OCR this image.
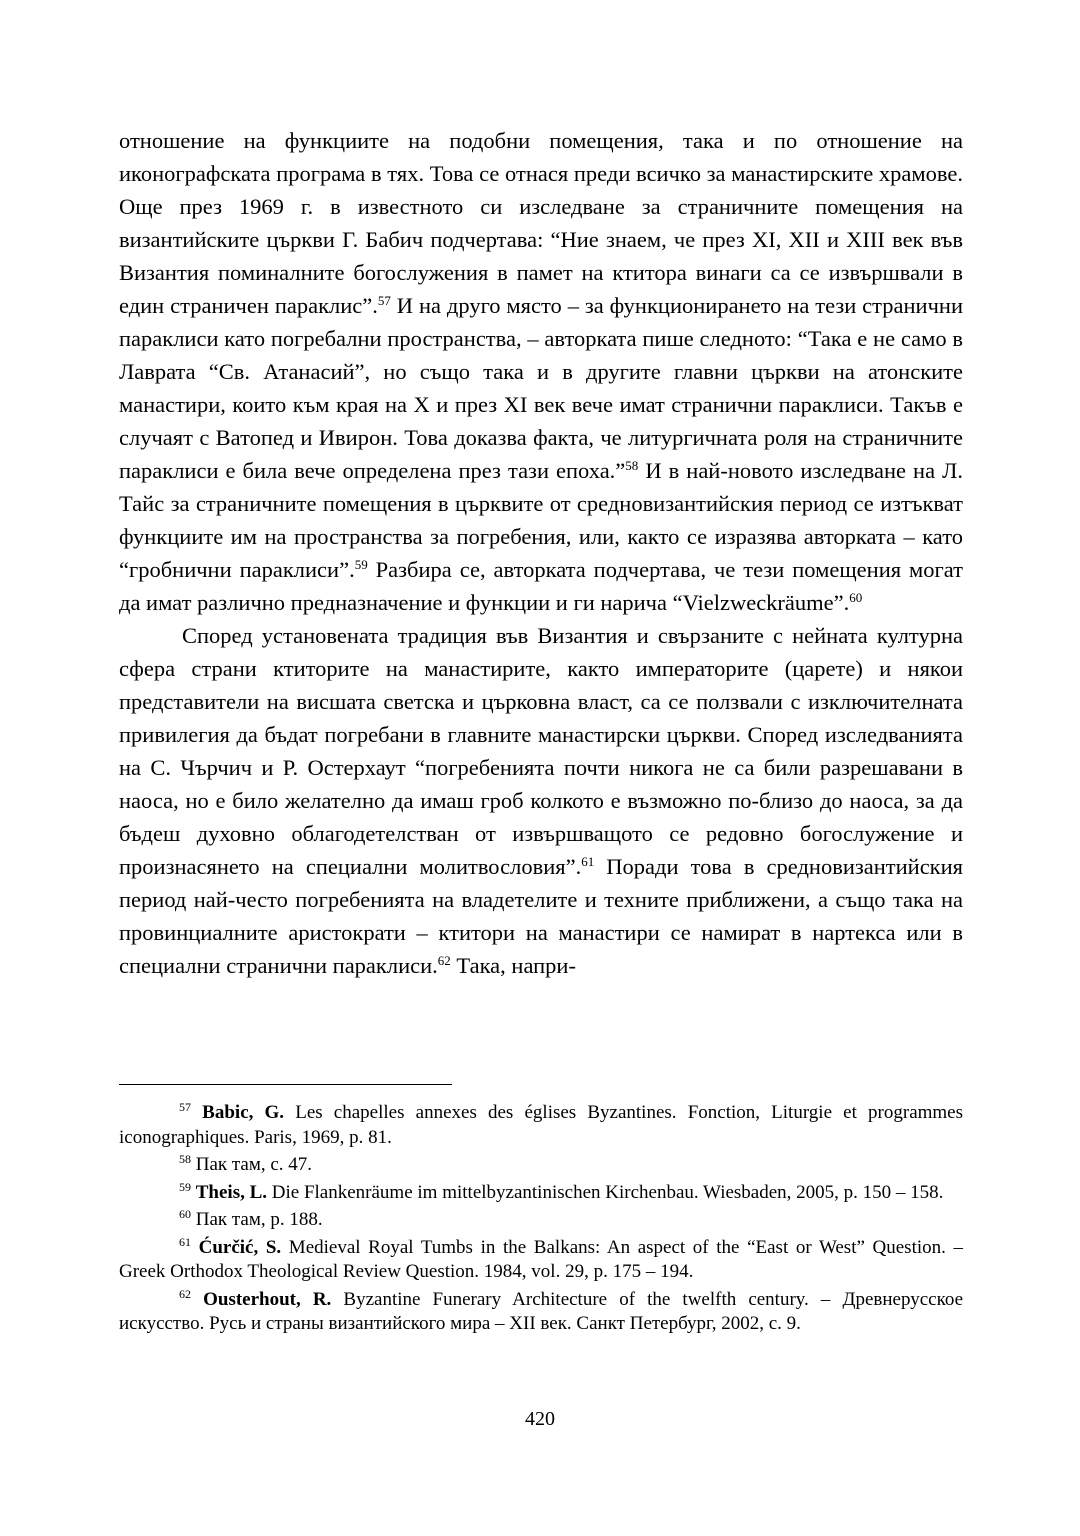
отношение на функциите на подобни помещения, така и по отношение на иконографската програма в тях. Това се отнася преди всичко за манастирските храмове. Още през 1969 г. в известното си изследване за страничните помещения на византийските църкви Г. Бабич подчертава: “Ние знаем, че през XI, XII и XIII век във Византия поминалните богослужения в памет на ктитора винаги са се извършвали в един страничен параклис”.$^{57}$ И на друго място – за функционирането на тези странични параклиси като погребални пространства, – авторката пише следното: “Така е не само в Лаврата “Св. Атанасий”, но също така и в другите главни църкви на атонските манастири, които към края на X и през XI век вече имат странични параклиси. Такъв е случаят с Ватопед и Ивирон. Това доказва факта, че литургичната роля на страничните параклиси е била вече определена през тази епоха.”$^{58}$ И в най-новото изследване на Л. Тайс за страничните помещения в църквите от средновизантийския период се изтъкват функциите им на пространства за погребения, или, както се изразява авторката – като “гробнични параклиси”.$^{59}$ Разбира се, авторката подчертава, че тези помещения могат да имат различно предназначение и функции и ги нарича “Vielzweckräume”.$^{60}$

Според установената традиция във Византия и свързаните с нейната културна сфера страни ктиторите на манастирите, както императорите (царете) и някои представители на висшата светска и църковна власт, са се ползвали с изключителната привилегия да бъдат погребани в главните манастирски църкви. Според изследванията на С. Чърчич и Р. Остерхаут “погребенията почти никога не са били разрешавани в наоса, но е било желателно да имаш гроб колкото е възможно по-близо до наоса, за да бъдеш духовно облагодетелстван от извършващото се редовно богослужение и произнасянето на специални молитвословия”.$^{61}$ Поради това в средновизантийския период най-често погребенията на владетелите и техните приближени, а също така на провинциалните аристократи – ктитори на манастири се намират в нартекса или в специални странични параклиси.$^{62}$ Така, напри-

$^{57}$ Babic, G. Les chapelles annexes des églises Byzantines. Fonction, Liturgie et programmes iconographiques. Paris, 1969, p. 81.

$^{58}$ Пак там, с. 47.

$^{59}$ Theis, L. Die Flankenräume im mittelbyzantinischen Kirchenbau. Wiesbaden, 2005, p. 150 – 158.

$^{60}$ Пак там, p. 188.

$^{61}$ Ćurčić, S. Medieval Royal Tumbs in the Balkans: An aspect of the “East or West” Question. – Greek Orthodox Theological Review Question. 1984, vol. 29, p. 175 – 194.

$^{62}$ Ousterhout, R. Byzantine Funerary Architecture of the twelfth century. – Древнерусское искусство. Русь и страны византийского мира – XII век. Санкт Петербург, 2002, с. 9.

420
